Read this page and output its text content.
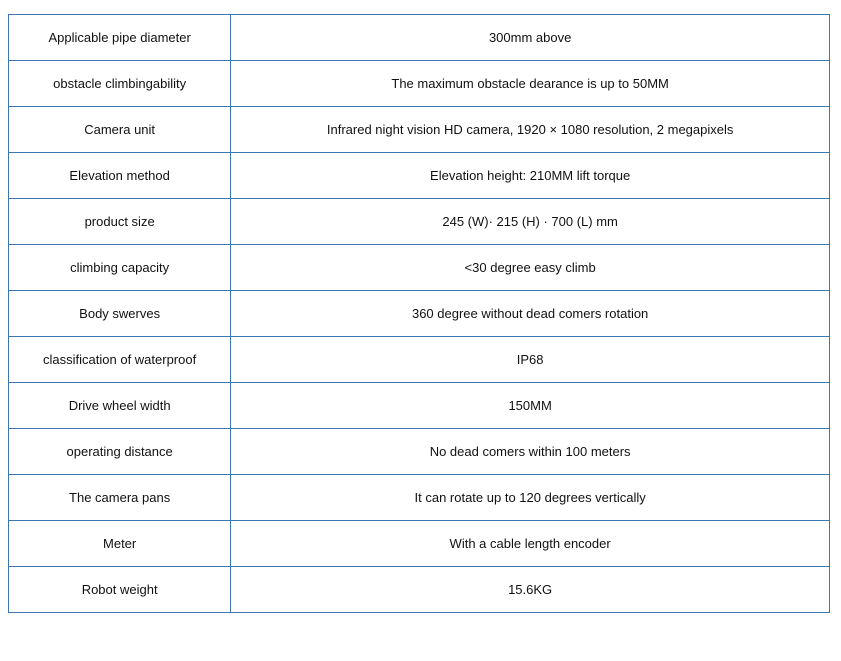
Applicable pipe diameter	300mm above
obstacle climbingability	The maximum obstacle dearance is up to 50MM
Camera unit	Infrared night vision HD camera, 1920 × 1080 resolution, 2 megapixels
Elevation method	Elevation height: 210MM lift torque
product size	245 (W)· 215 (H) · 700 (L) mm
climbing capacity	<30 degree easy climb
Body swerves	360 degree without dead comers rotation
classification of waterproof	IP68
Drive wheel width	150MM
operating distance	No dead comers within 100 meters
The camera pans	It can rotate up to 120 degrees vertically
Meter	With a cable length encoder
Robot weight	15.6KG
